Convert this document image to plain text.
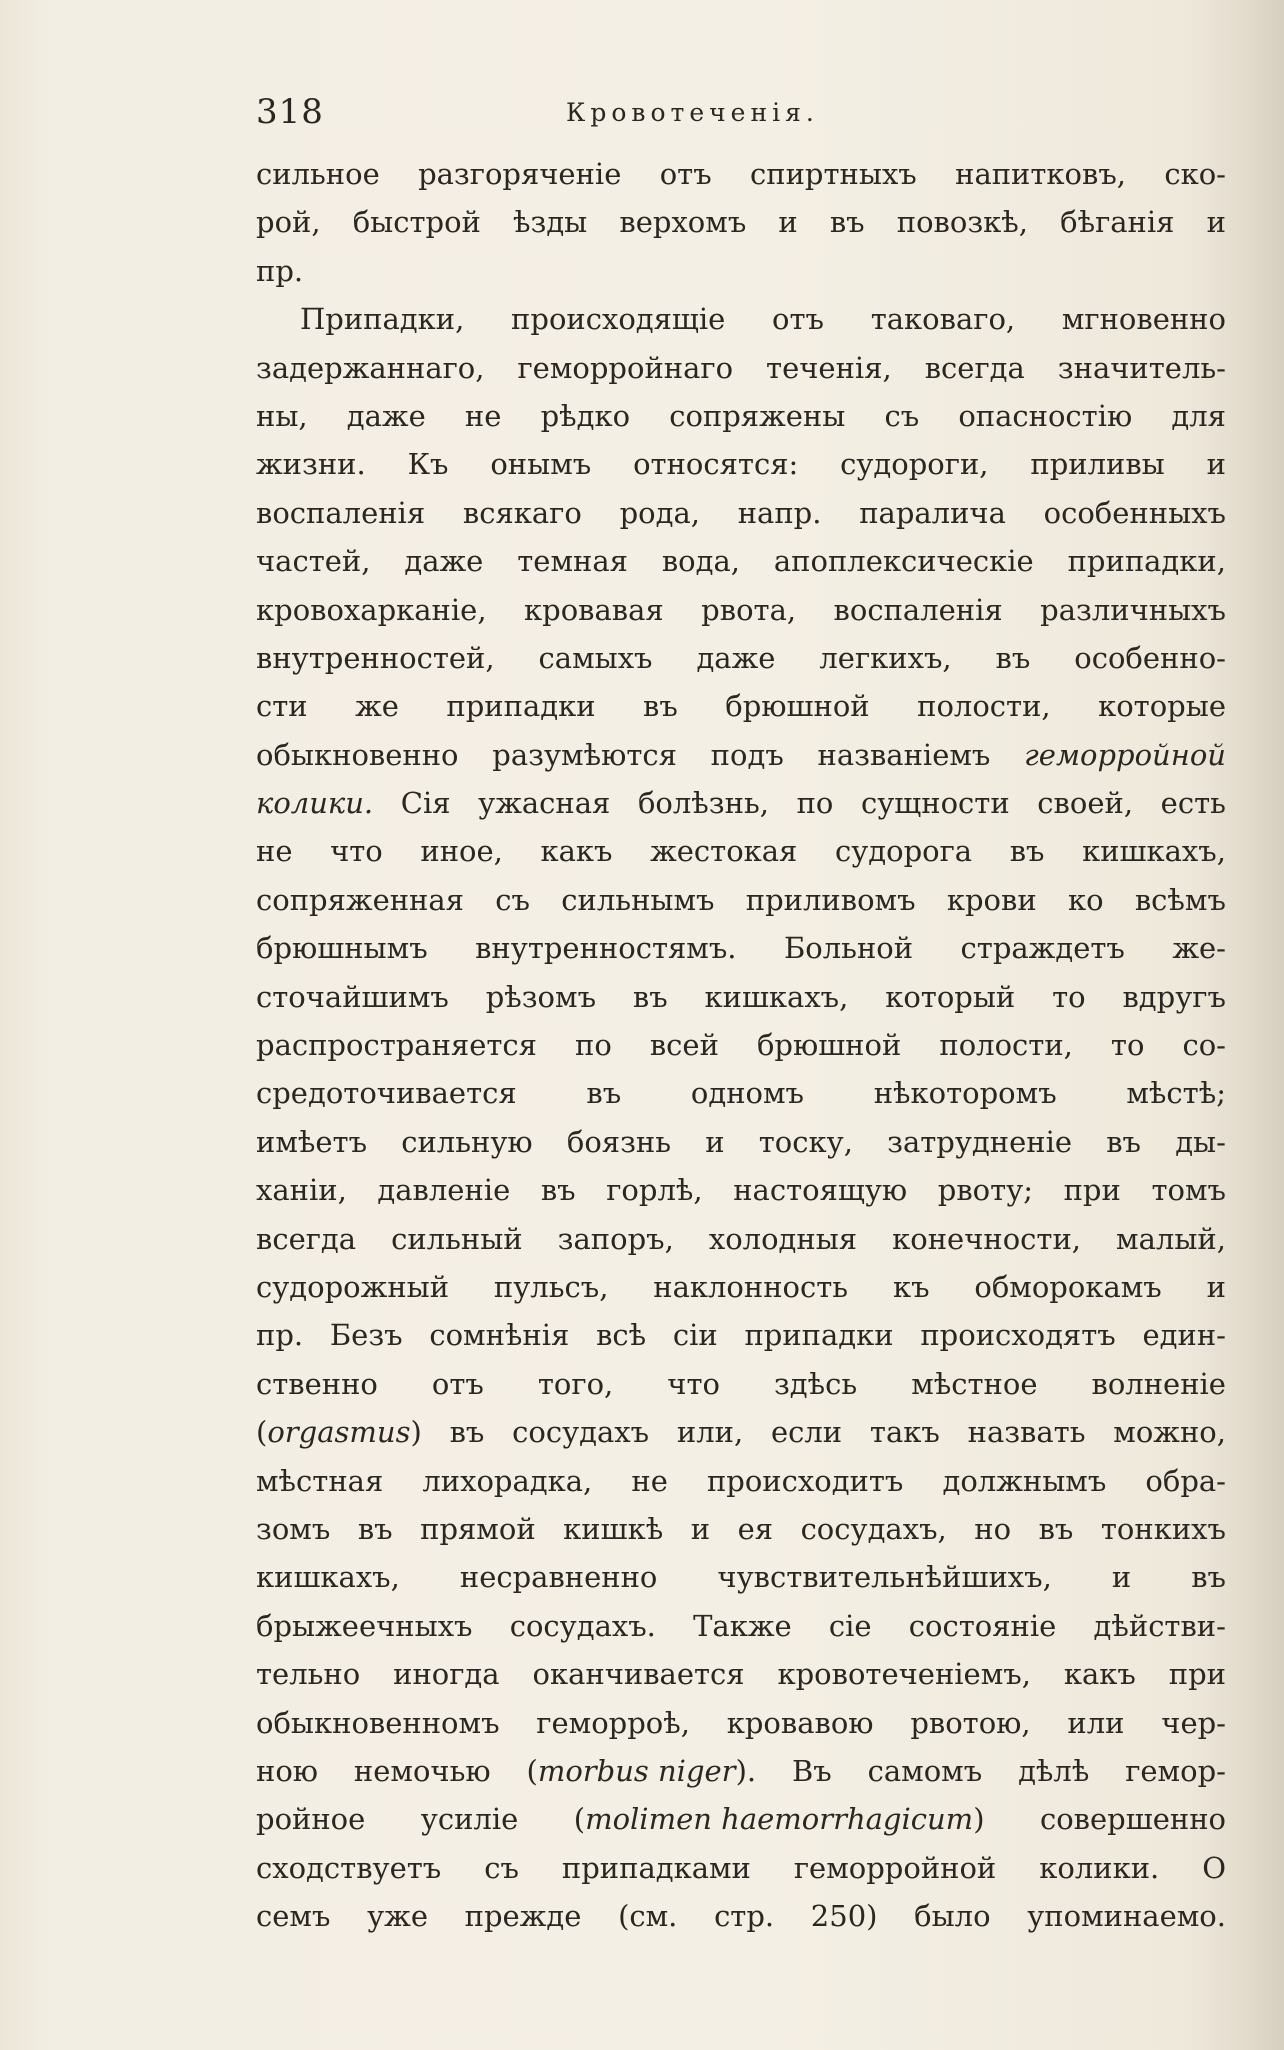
318	Кровотеченія.
сильное разгоряченіе отъ спиртныхъ напитковъ, ско-
рой, быстрой ѣзды верхомъ и въ повозкѣ, бѣганія и
пр.
Припадки, происходящіе отъ таковаго, мгновенно
задержаннаго, геморройнаго теченія, всегда значитель-
ны, даже не рѣдко сопряжены съ опасностію для
жизни. Къ онымъ относятся: судороги, приливы и
воспаленія всякаго рода, напр. паралича особенныхъ
частей, даже темная вода, апоплексическіе припадки,
кровохарканіе, кровавая рвота, воспаленія различныхъ
внутренностей, самыхъ даже легкихъ, въ особенно-
сти же припадки въ брюшной полости, которые
обыкновенно разумѣются подъ названіемъ геморройной
колики. Сія ужасная болѣзнь, по сущности своей, есть
не что иное, какъ жестокая судорога въ кишкахъ,
сопряженная съ сильнымъ приливомъ крови ко всѣмъ
брюшнымъ внутренностямъ. Больной страждетъ же-
сточайшимъ рѣзомъ въ кишкахъ, который то вдругъ
распространяется по всей брюшной полости, то со-
средоточивается въ одномъ нѣкоторомъ мѣстѣ;
имѣетъ сильную боязнь и тоску, затрудненіе въ ды-
ханіи, давленіе въ горлѣ, настоящую рвоту; при томъ
всегда сильный запоръ, холодныя конечности, малый,
судорожный пульсъ, наклонность къ обморокамъ и
пр. Безъ сомнѣнія всѣ сіи припадки происходятъ един-
ственно отъ того, что здѣсь мѣстное волненіе
(orgasmus) въ сосудахъ или, если такъ назвать можно,
мѣстная лихорадка, не происходитъ должнымъ обра-
зомъ въ прямой кишкѣ и ея сосудахъ, но въ тонкихъ
кишкахъ, несравненно чувствительнѣйшихъ, и въ
брыжеечныхъ сосудахъ. Также сіе состояніе дѣйстви-
тельно иногда оканчивается кровотеченіемъ, какъ при
обыкновенномъ геморроѣ, кровавою рвотою, или чер-
ною немочью (morbus niger). Въ самомъ дѣлѣ гемор-
ройное усиліе (molimen haemorrhagicum) совершенно
сходствуетъ съ припадками геморройной колики. О
семъ уже прежде (см. стр. 250) было упоминаемо.
